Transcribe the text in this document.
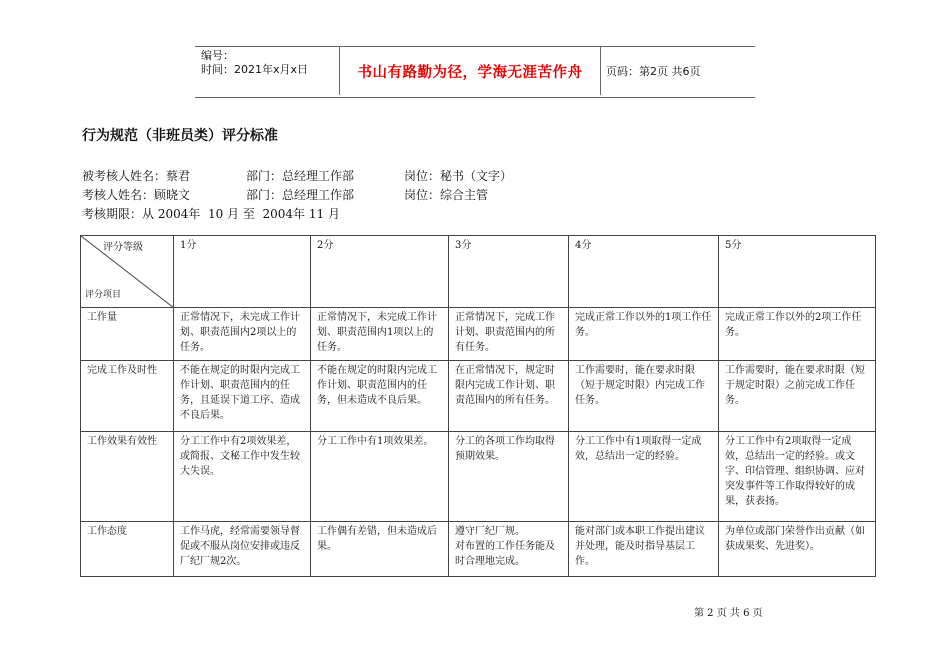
编号：
时间：2021年x月x日	书山有路勤为径，学海无涯苦作舟	页码：第2页 共6页
行为规范（非班员类）评分标准

被考核人姓名：蔡君

	部门：总经理工作部

	岗位：秘书（文字）

考核人姓名：顾晓文

	部门：总经理工作部

	岗位：综合主管

考核期限：从 2004年  10 月 至  2004年 11 月
评分等级
评分项目	1分	2分	3分	4分	5分
工作量	正常情况下，未完成工作计划、职责范围内2项以上的任务。	正常情况下，未完成工作计划、职责范围内1项以上的任务。	正常情况下，完成工作计划、职责范围内的所有任务。	完成正常工作以外的1项工作任务。	完成正常工作以外的2项工作任务。
完成工作及时性	不能在规定的时限内完成工作计划、职责范围内的任务，且延误下道工序、造成不良后果。	不能在规定的时限内完成工作计划、职责范围内的任务，但未造成不良后果。	在正常情况下，规定时限内完成工作计划、职责范围内的所有任务。	工作需要时，能在要求时限（短于规定时限）内完成工作任务。	工作需要时，能在要求时限（短于规定时限）之前完成工作任务。
工作效果有效性	分工工作中有2项效果差，或简报、文秘工作中发生较大失误。	分工工作中有1项效果差。	分工的各项工作均取得预期效果。	分工工作中有1项取得一定成效，总结出一定的经验。	分工工作中有2项取得一定成效，总结出一定的经验。或文字、印信管理、组织协调、应对突发事件等工作取得较好的成果，获表扬。
工作态度	工作马虎，经常需要领导督促或不服从岗位安排或违反厂纪厂规2次。	工作偶有差错，但未造成后果。	遵守厂纪厂规。
对布置的工作任务能及时合理地完成。	能对部门或本职工作提出建议并处理，能及时指导基层工作。	为单位或部门荣誉作出贡献（如获成果奖、先进奖）。
第 2 页 共 6 页
